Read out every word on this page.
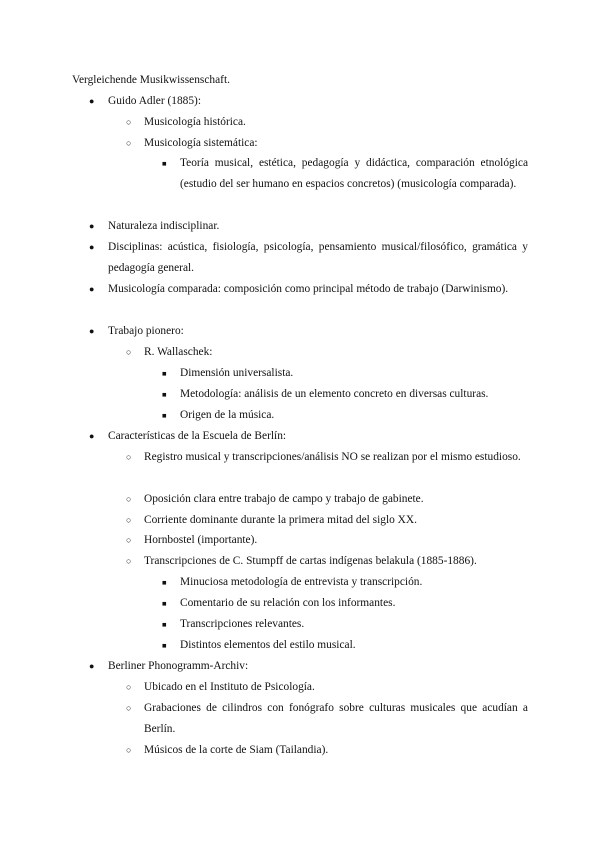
Vergleichende Musikwissenschaft.

● Guido Adler (1885):
○ Musicología histórica.
○ Musicología sistemática:
■ Teoría musical, estética, pedagogía y didáctica, comparación etnológica (estudio del ser humano en espacios concretos) (musicología comparada).
● Naturaleza indisciplinar.
● Disciplinas: acústica, fisiología, psicología, pensamiento musical/filosófico, gramática y pedagogía general.
● Musicología comparada: composición como principal método de trabajo (Darwinismo).
● Trabajo pionero:
○ R. Wallaschek:
■ Dimensión universalista.
■ Metodología: análisis de un elemento concreto en diversas culturas.
■ Origen de la música.
● Características de la Escuela de Berlín:
○ Registro musical y transcripciones/análisis NO se realizan por el mismo estudioso.
○ Oposición clara entre trabajo de campo y trabajo de gabinete.
○ Corriente dominante durante la primera mitad del siglo XX.
○ Hornbostel (importante).
○ Transcripciones de C. Stumpff de cartas indígenas belakula (1885-1886).
■ Minuciosa metodología de entrevista y transcripción.
■ Comentario de su relación con los informantes.
■ Transcripciones relevantes.
■ Distintos elementos del estilo musical.
● Berliner Phonogramm-Archiv:
○ Ubicado en el Instituto de Psicología.
○ Grabaciones de cilindros con fonógrafo sobre culturas musicales que acudían a Berlín.
○ Músicos de la corte de Siam (Tailandia).
